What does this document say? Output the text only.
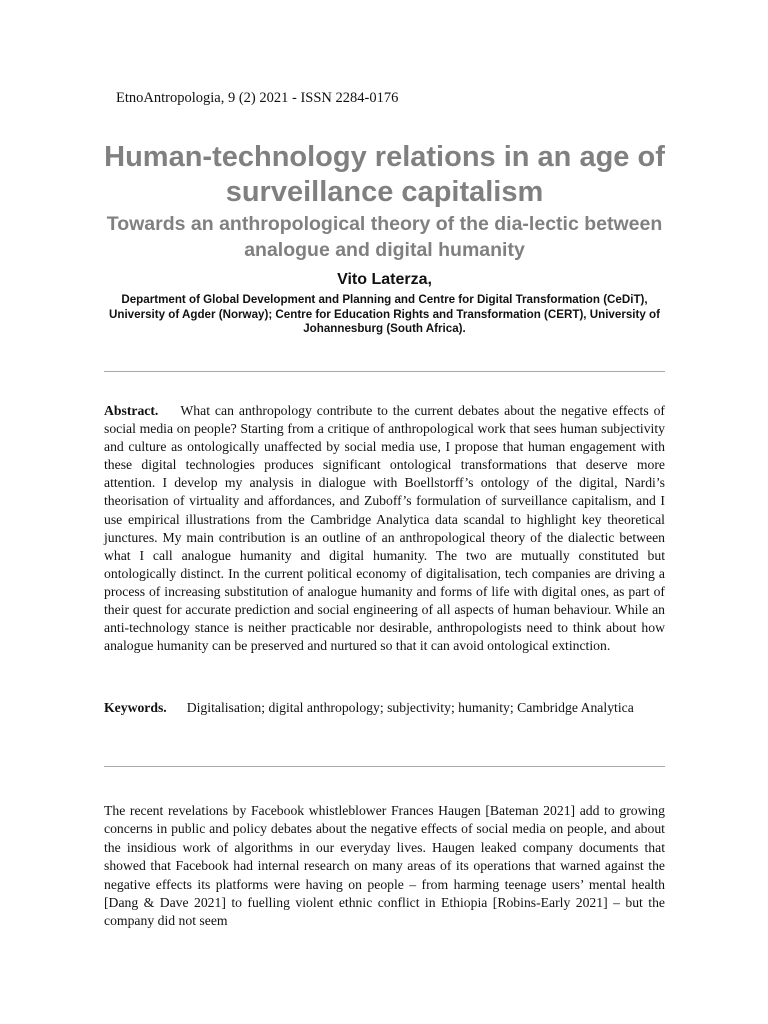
EtnoAntropologia, 9 (2) 2021 - ISSN 2284-0176

Human-technology relations in an age of surveillance capitalism

Towards an anthropological theory of the dia-lectic between analogue and digital humanity

Vito Laterza,

Department of Global Development and Planning and Centre for Digital Transformation (CeDiT), University of Agder (Norway); Centre for Education Rights and Transformation (CERT), University of Johannesburg (South Africa).

Abstract. What can anthropology contribute to the current debates about the negative effects of social media on people? Starting from a critique of anthropological work that sees human subjectivity and culture as ontologically unaffected by social media use, I propose that human engagement with these digital technologies produces significant ontological transformations that deserve more attention. I develop my analysis in dialogue with Boellstorff’s ontology of the digital, Nardi’s theorisation of virtuality and affordances, and Zuboff’s formulation of surveillance capitalism, and I use empirical illustrations from the Cambridge Analytica data scandal to highlight key theoretical junctures. My main contribution is an outline of an anthropological theory of the dialectic between what I call analogue humanity and digital humanity. The two are mutually constituted but ontologically distinct. In the current political economy of digitalisation, tech companies are driving a process of increasing substitution of analogue humanity and forms of life with digital ones, as part of their quest for accurate prediction and social engineering of all aspects of human behaviour. While an anti-technology stance is neither practicable nor desirable, anthropologists need to think about how analogue humanity can be preserved and nurtured so that it can avoid ontological extinction.

Keywords. Digitalisation; digital anthropology; subjectivity; humanity; Cambridge Analytica

The recent revelations by Facebook whistleblower Frances Haugen [Bateman 2021] add to growing concerns in public and policy debates about the negative effects of social media on people, and about the insidious work of algorithms in our everyday lives. Haugen leaked company documents that showed that Facebook had internal research on many areas of its operations that warned against the negative effects its platforms were having on people – from harming teenage users’ mental health [Dang & Dave 2021] to fuelling violent ethnic conflict in Ethiopia [Robins-Early 2021] – but the company did not seem
